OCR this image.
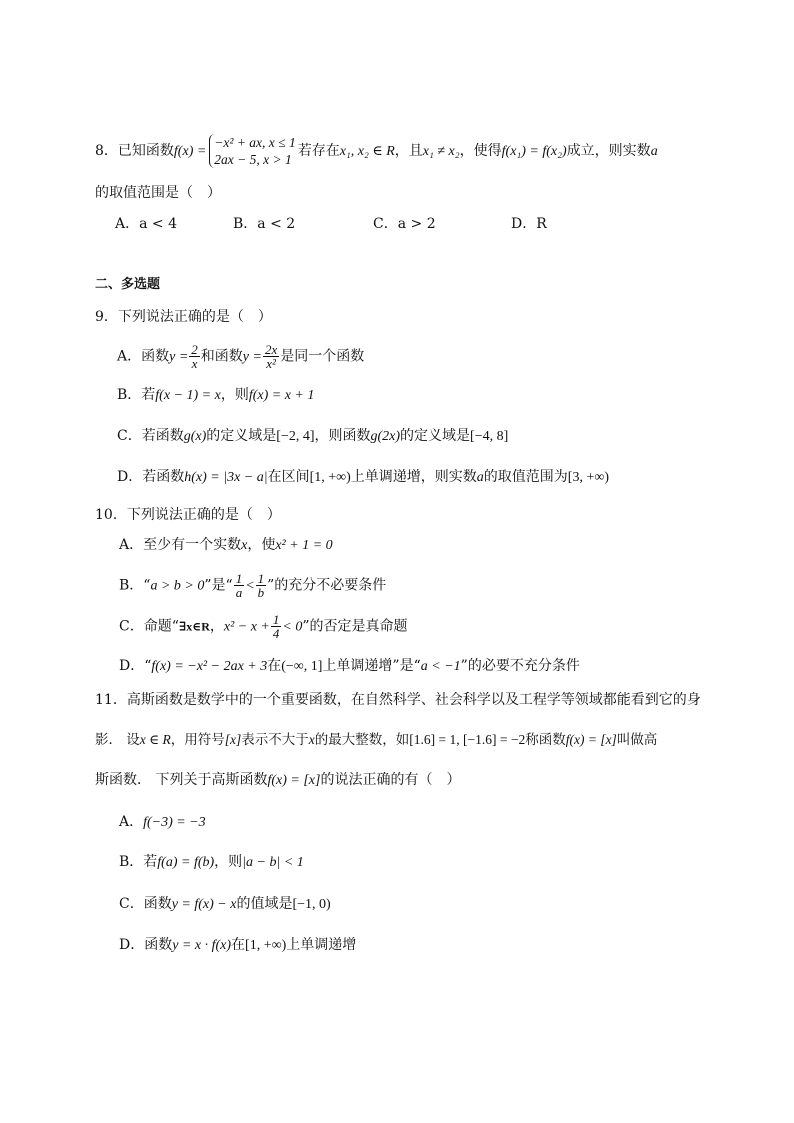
8．已知函数f(x) =
−x² + ax, x ≤ 1
2ax − 5, x > 1
若存在x₁, x₂ ∈ R，且x₁ ≠ x₂，使得f(x₁) = f(x₂)成立，则实数a
的取值范围是（　）
A．a < 4	B．a < 2	C．a > 2	D．R
二、多选题
9．下列说法正确的是（　）
A．函数$y = \frac{2}{x}$ 和函数$y = \frac{2x}{\text{x²}}$ 是同一个函数
B．若f(x − 1) = x，则f(x) = x + 1
C．若函数g(x)的定义域是[−2, 4]，则函数g(2x)的定义域是[−4, 8]
D．若函数h(x) = |3x − a|在区间[1, +∞)上单调递增，则实数a的取值范围为[3, +∞)
10．下列说法正确的是（　）
A．至少有一个实数x，使x² + 1 = 0
B．“a > b > 0”是“ $\frac{1}{a} < \frac{1}{b}$ ”的充分不必要条件
C．命题“∃x∈R，$x^2 - x + \frac{1}{4} < 0$”的否定是真命题
D．“f(x) = −x² − 2ax + 3在(−∞, 1]上单调递增”是“a < −1”的必要不充分条件
11．高斯函数是数学中的一个重要函数，在自然科学、社会科学以及工程学等领域都能看到它的身
影． 设x ∈ R，用符号[x]表示不大于x的最大整数，如[1.6] = 1, [−1.6] = −2称函数f(x) = [x]叫做高
斯函数． 下列关于高斯函数f(x) = [x]的说法正确的有（　）
A．f(−3) = −3
B．若f(a) = f(b)，则|a − b| < 1
C．函数y = f(x) − x的值域是[−1, 0)
D．函数y = x · f(x)在[1, +∞)上单调递增
